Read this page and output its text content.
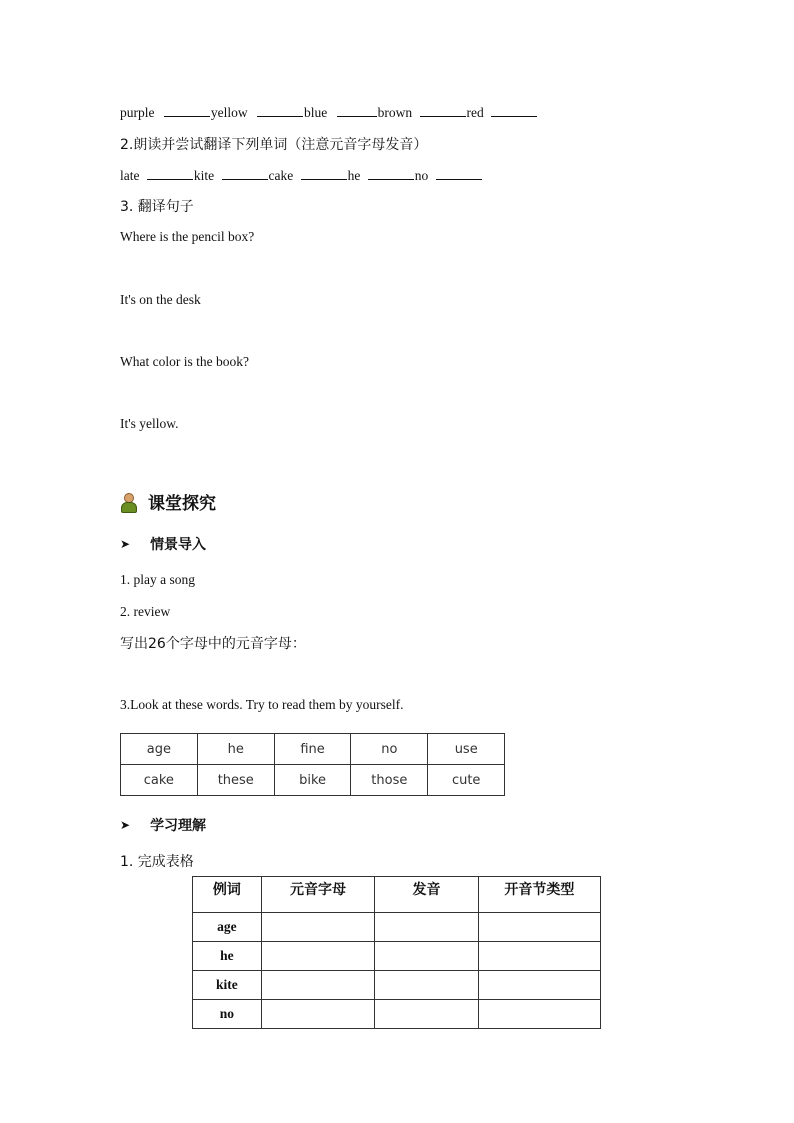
purple	yellow	blue	brown	red
2.朗读并尝试翻译下列单词（注意元音字母发音）
late	kite	cake	he	no
3. 翻译句子
Where is the pencil box?
It's on the desk
What color is the book?
It's yellow.
课堂探究
➤ 情景导入
1. play a song
2. review
写出26个字母中的元音字母：
3.Look at these words. Try to read them by yourself.
age	he	fine	no	use
cake	these	bike	those	cute
➤ 学习理解
1. 完成表格
例词	元音字母	发音	开音节类型
age			
he			
kite			
no			
